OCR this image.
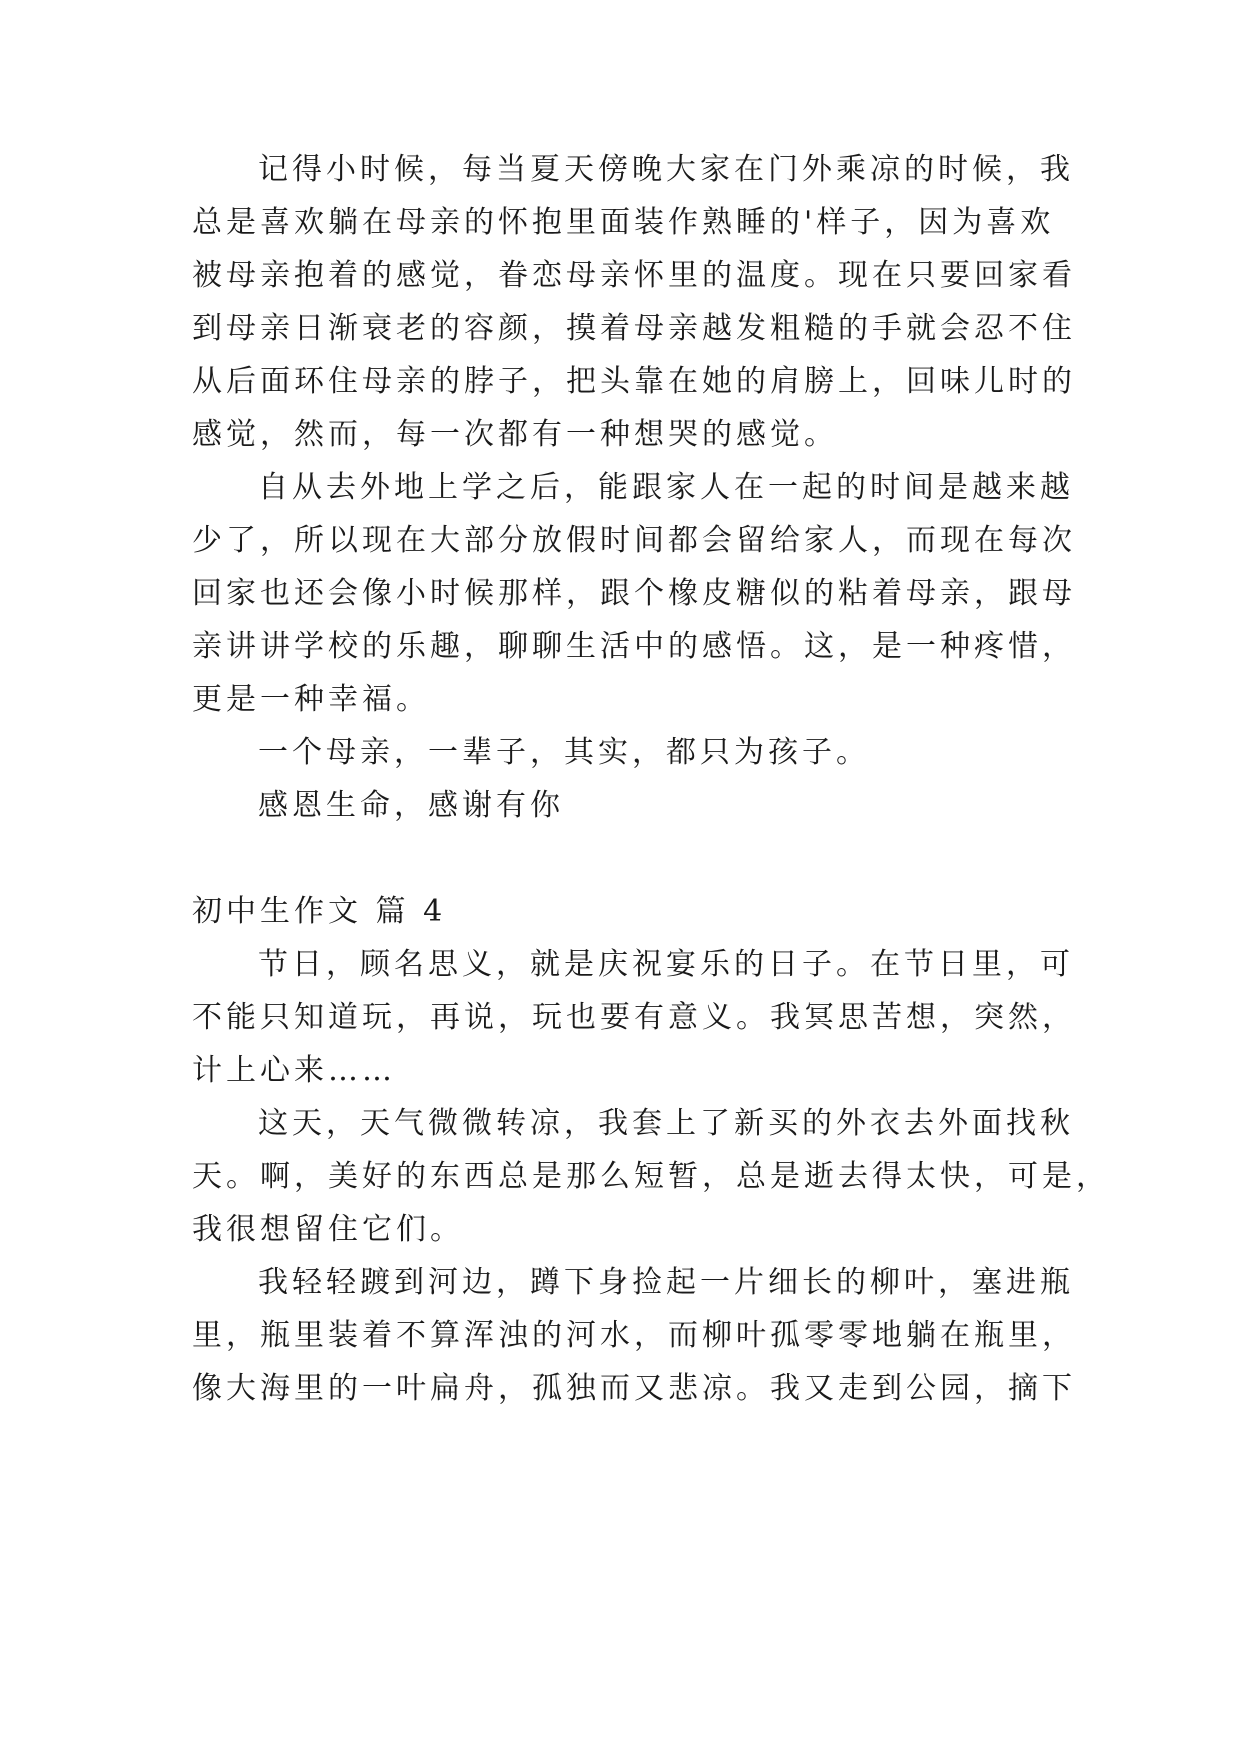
记得小时候，每当夏天傍晚大家在门外乘凉的时候，我
总是喜欢躺在母亲的怀抱里面装作熟睡的'样子，因为喜欢
被母亲抱着的感觉，眷恋母亲怀里的温度。现在只要回家看
到母亲日渐衰老的容颜，摸着母亲越发粗糙的手就会忍不住
从后面环住母亲的脖子，把头靠在她的肩膀上，回味儿时的
感觉，然而，每一次都有一种想哭的感觉。
自从去外地上学之后，能跟家人在一起的时间是越来越
少了，所以现在大部分放假时间都会留给家人，而现在每次
回家也还会像小时候那样，跟个橡皮糖似的粘着母亲，跟母
亲讲讲学校的乐趣，聊聊生活中的感悟。这，是一种疼惜，
更是一种幸福。
一个母亲，一辈子，其实，都只为孩子。
感恩生命，感谢有你
初中生作文 篇 4
节日，顾名思义，就是庆祝宴乐的日子。在节日里，可
不能只知道玩，再说，玩也要有意义。我冥思苦想，突然，
计上心来……
这天，天气微微转凉，我套上了新买的外衣去外面找秋
天。啊，美好的东西总是那么短暂，总是逝去得太快，可是，
我很想留住它们。
我轻轻踱到河边，蹲下身捡起一片细长的柳叶，塞进瓶
里，瓶里装着不算浑浊的河水，而柳叶孤零零地躺在瓶里，
像大海里的一叶扁舟，孤独而又悲凉。我又走到公园，摘下
